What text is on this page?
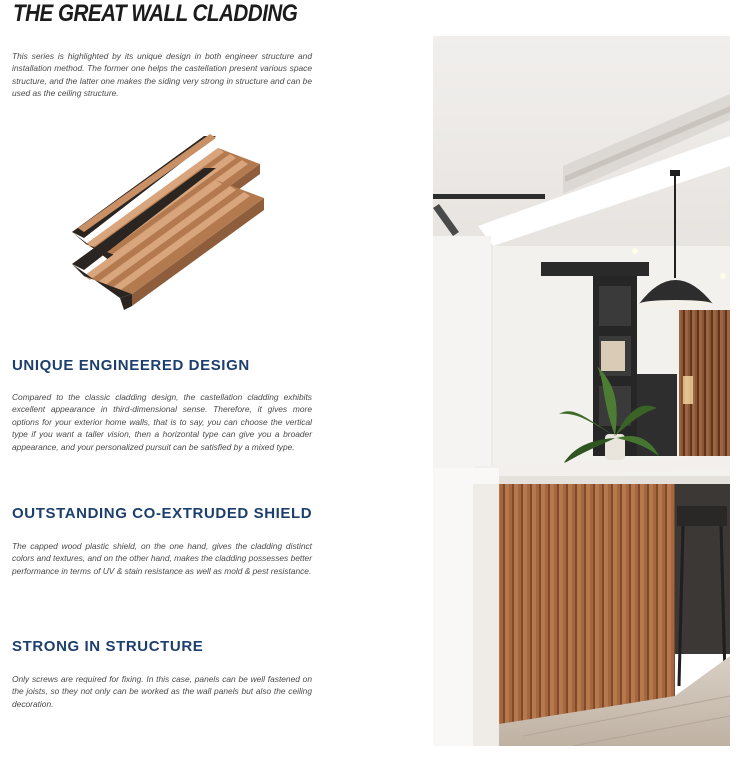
THE GREAT WALL CLADDING

This series is highlighted by its unique design in both engineer structure and installation method. The former one helps the castellation present various space structure, and the latter one makes the siding very strong in structure and can be used as the ceiling structure.

UNIQUE ENGINEERED DESIGN

Compared to the classic cladding design, the castellation cladding exhibits excellent appearance in third-dimensional sense. Therefore, it gives more options for your exterior home walls, that is to say, you can choose the vertical type if you want a taller vision, then a horizontal type can give you a broader appearance, and your personalized pursuit can be satisfied by a mixed type.

OUTSTANDING CO-EXTRUDED SHIELD

The capped wood plastic shield, on the one hand, gives the cladding distinct colors and textures, and on the other hand, makes the cladding possesses better performance in terms of UV & stain resistance as well as mold & pest resistance.

STRONG IN STRUCTURE

Only screws are required for fixing. In this case, panels can be well fastened on the joists, so they not only can be worked as the wall panels but also the ceiling decoration.
